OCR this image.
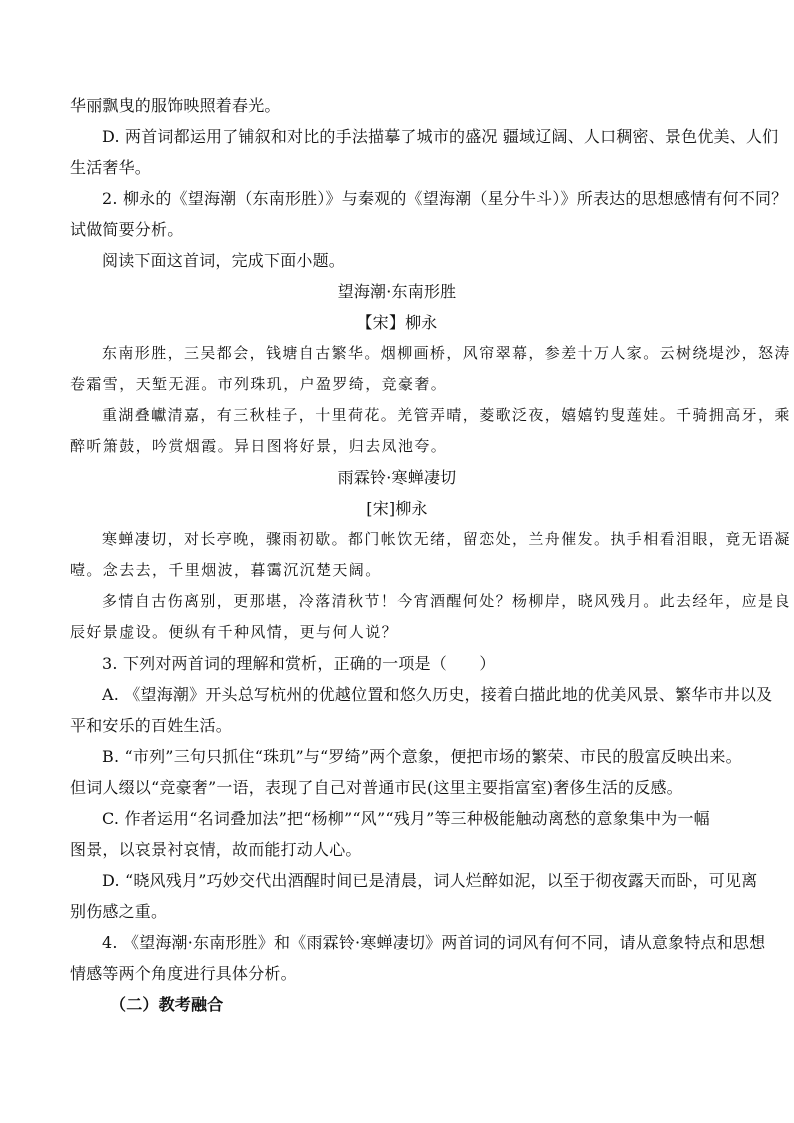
华丽飘曳的服饰映照着春光。
D. 两首词都运用了铺叙和对比的手法描摹了城市的盛况 疆域辽阔、人口稠密、景色优美、人们
生活奢华。
2. 柳永的《望海潮（东南形胜）》与秦观的《望海潮（星分牛斗）》所表达的思想感情有何不同？
试做简要分析。
阅读下面这首词，完成下面小题。
望海潮·东南形胜
【宋】柳永
东南形胜，三吴都会，钱塘自古繁华。烟柳画桥，风帘翠幕，参差十万人家。云树绕堤沙，怒涛
卷霜雪，天堑无涯。市列珠玑，户盈罗绮，竞豪奢。
重湖叠巘清嘉，有三秋桂子，十里荷花。羌管弄晴，菱歌泛夜，嬉嬉钓叟莲娃。千骑拥高牙，乘
醉听箫鼓，吟赏烟霞。异日图将好景，归去凤池夸。
雨霖铃·寒蝉凄切
[宋]柳永
寒蝉凄切，对长亭晚，骤雨初歇。都门帐饮无绪，留恋处，兰舟催发。执手相看泪眼，竟无语凝
噎。念去去，千里烟波，暮霭沉沉楚天阔。
多情自古伤离别，更那堪，冷落清秋节！今宵酒醒何处？杨柳岸，晓风残月。此去经年，应是良
辰好景虚设。便纵有千种风情，更与何人说？
3. 下列对两首词的理解和赏析，正确的一项是（　　）
A. 《望海潮》开头总写杭州的优越位置和悠久历史，接着白描此地的优美风景、繁华市井以及
平和安乐的百姓生活。
B. “市列”三句只抓住“珠玑”与“罗绮”两个意象，便把市场的繁荣、市民的殷富反映出来。
但词人缀以“竞豪奢”一语，表现了自己对普通市民(这里主要指富室)奢侈生活的反感。
C. 作者运用“名词叠加法”把“杨柳”“风”“残月”等三种极能触动离愁的意象集中为一幅
图景，以哀景衬哀情，故而能打动人心。
D. “晓风残月”巧妙交代出酒醒时间已是清晨，词人烂醉如泥，以至于彻夜露天而卧，可见离
别伤感之重。
4. 《望海潮·东南形胜》和《雨霖铃·寒蝉凄切》两首词的词风有何不同，请从意象特点和思想
情感等两个角度进行具体分析。
（二）教考融合
